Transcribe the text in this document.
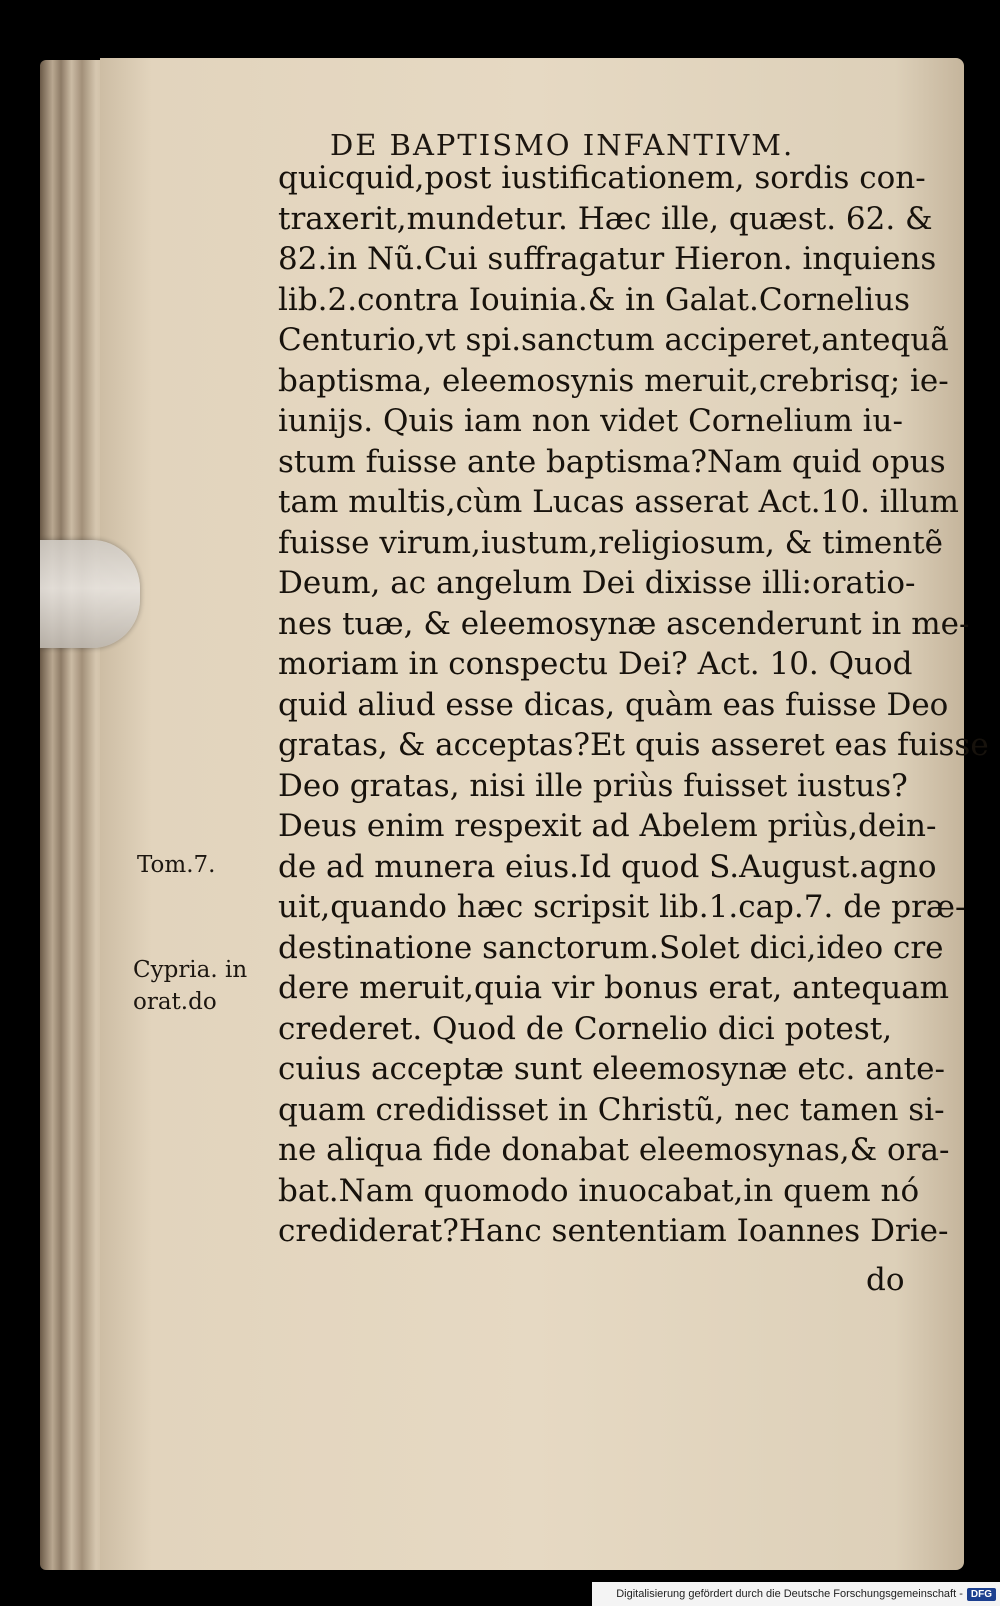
DE BAPTISMO INFANTIVM.
quicquid,post iustificationem, sordis con-
traxerit,mundetur. Hæc ille, quæst. 62. &
82.in Nũ.Cui suffragatur Hieron. inquiens
lib.2.contra Iouinia.& in Galat.Cornelius
Centurio,vt spi.sanctum acciperet,antequã
baptisma, eleemosynis meruit,crebrisq; ie-
iunijs. Quis iam non videt Cornelium iu-
stum fuisse ante baptisma?Nam quid opus
tam multis,cùm Lucas asserat Act.10. illum
fuisse virum,iustum,religiosum, & timentẽ
Deum, ac angelum Dei dixisse illi:oratio-
nes tuæ, & eleemosynæ ascenderunt in me-
moriam in conspectu Dei? Act. 10. Quod
quid aliud esse dicas, quàm eas fuisse Deo
gratas, & acceptas?Et quis asseret eas fuisse
Deo gratas, nisi ille priùs fuisset iustus?
Deus enim respexit ad Abelem priùs,dein-
de ad munera eius.Id quod S.August.agno
uit,quando hæc scripsit lib.1.cap.7. de præ-
destinatione sanctorum.Solet dici,ideo cre
dere meruit,quia vir bonus erat, antequam
crederet. Quod de Cornelio dici potest,
cuius acceptæ sunt eleemosynæ etc. ante-
quam credidisset in Christũ, nec tamen si-
ne aliqua fide donabat eleemosynas,& ora-
bat.Nam quomodo inuocabat,in quem nó
crediderat?Hanc sententiam Ioannes Drie-
do
Tom.7.
Cypria. in
orat.do
Digitalisierung gefördert durch die Deutsche Forschungsgemeinschaft - DFG
